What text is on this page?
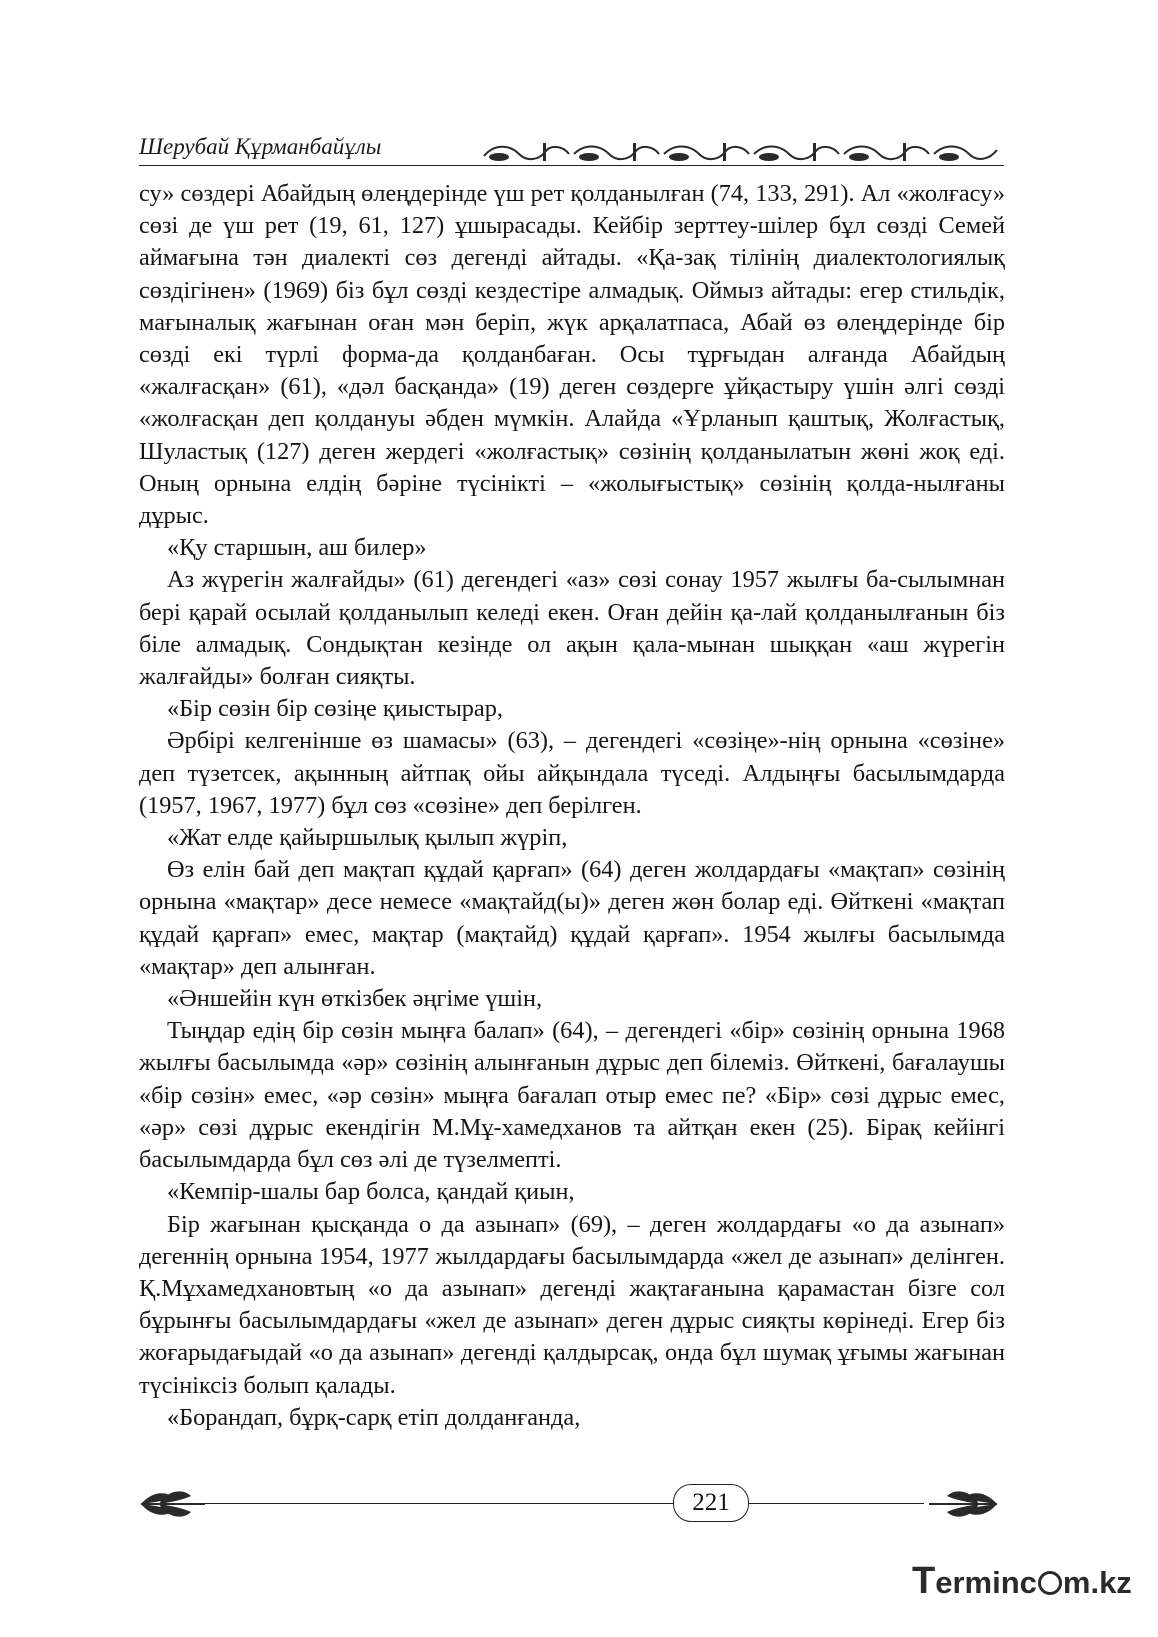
Шерубай Құрманбайұлы

су» сөздері Абайдың өлеңдерінде үш рет қолданылған (74, 133, 291). Ал «жолғасу» сөзі де үш рет (19, 61, 127) ұшырасады. Кейбір зерттеу-шілер бұл сөзді Семей аймағына тән диалекті сөз дегенді айтады. «Қа-зақ тілінің диалектологиялық сөздігінен» (1969) біз бұл сөзді кездестіре алмадық. Оймыз айтады: егер стильдік, мағыналық жағынан оған мән беріп, жүк арқалатпаса, Абай өз өлеңдерінде бір сөзді екі түрлі форма-да қолданбаған. Осы тұрғыдан алғанда Абайдың «жалғасқан» (61), «дәл басқанда» (19) деген сөздерге ұйқастыру үшін әлгі сөзді «жолғасқан деп қолдануы әбден мүмкін. Алайда «Ұрланып қаштық, Жолғастық, Шуластық (127) деген жердегі «жолғастық» сөзінің қолданылатын жөні жоқ еді. Оның орнына елдің бәріне түсінікті – «жолығыстық» сөзінің қолда-нылғаны дұрыс.

«Қу старшын, аш билер»

Аз жүрегін жалғайды» (61) дегендегі «аз» сөзі сонау 1957 жылғы ба-сылымнан бері қарай осылай қолданылып келеді екен. Оған дейін қа-лай қолданылғанын біз біле алмадық. Сондықтан кезінде ол ақын қала-мынан шыққан «аш жүрегін жалғайды» болған сияқты.

«Бір сөзін бір сөзіңе қиыстырар,

Әрбірі келгенінше өз шамасы» (63), – дегендегі «сөзіңе»-нің орнына «сөзіне» деп түзетсек, ақынның айтпақ ойы айқындала түседі. Алдыңғы басылымдарда (1957, 1967, 1977) бұл сөз «сөзіне» деп берілген.

«Жат елде қайыршылық қылып жүріп,

Өз елін бай деп мақтап құдай қарғап» (64) деген жолдардағы «мақтап» сөзінің орнына «мақтар» десе немесе «мақтайд(ы)» деген жөн болар еді. Өйткені «мақтап құдай қарғап» емес, мақтар (мақтайд) құдай қарғап». 1954 жылғы басылымда «мақтар» деп алынған.

«Әншейін күн өткізбек әңгіме үшін,

Тыңдар едің бір сөзін мыңға балап» (64), – дегендегі «бір» сөзінің орнына 1968 жылғы басылымда «әр» сөзінің алынғанын дұрыс деп білеміз. Өйткені, бағалаушы «бір сөзін» емес, «әр сөзін» мыңға бағалап отыр емес пе? «Бір» сөзі дұрыс емес, «әр» сөзі дұрыс екендігін М.Мұ-хамедханов та айтқан екен (25). Бірақ кейінгі басылымдарда бұл сөз әлі де түзелмепті.

«Кемпір-шалы бар болса, қандай қиын,

Бір жағынан қысқанда о да азынап» (69), – деген жолдардағы «о да азынап» дегеннің орнына 1954, 1977 жылдардағы басылымдарда «жел де азынап» делінген. Қ.Мұхамедхановтың «о да азынап» дегенді жақтағанына қарамастан бізге сол бұрынғы басылымдардағы «жел де азынап» деген дұрыс сияқты көрінеді. Егер біз жоғарыдағыдай «о да азынап» дегенді қалдырсақ, онда бұл шумақ ұғымы жағынан түсініксіз болып қалады.

«Борандап, бұрқ-сарқ етіп долданғанда,

221
Terminc m.kz
